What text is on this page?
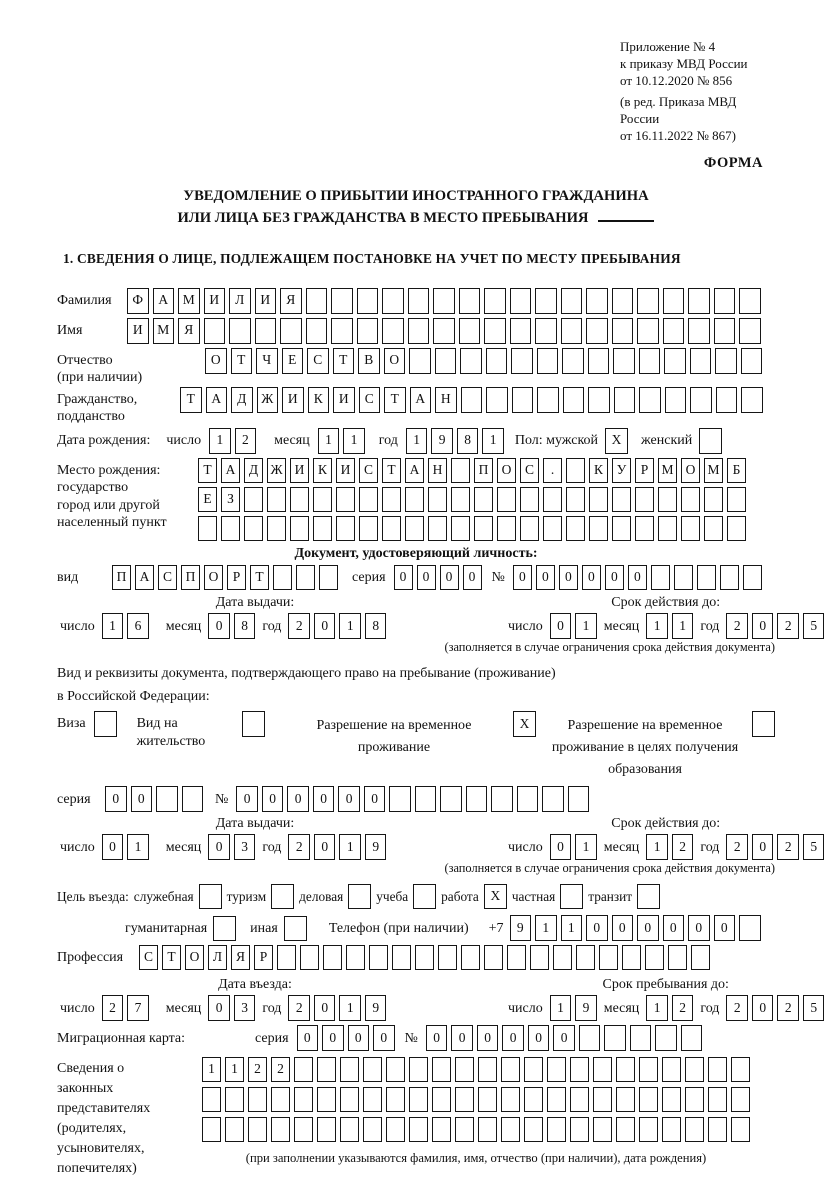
Приложение № 4
к приказу МВД России
от 10.12.2020 № 856
(в ред. Приказа МВД России
от 16.11.2022 № 867)
ФОРМА
УВЕДОМЛЕНИЕ О ПРИБЫТИИ ИНОСТРАННОГО ГРАЖДАНИНА
ИЛИ ЛИЦА БЕЗ ГРАЖДАНСТВА В МЕСТО ПРЕБЫВАНИЯ
1. СВЕДЕНИЯ О ЛИЦЕ, ПОДЛЕЖАЩЕМ ПОСТАНОВКЕ НА УЧЕТ ПО МЕСТУ ПРЕБЫВАНИЯ
Фамилия	Ф	А	М	И	Л	И	Я
Имя	И	М	Я
Отчество
(при наличии)
О	Т	Ч	Е	С	Т	В	О
Гражданство,
подданство
Т	А	Д	Ж	И	К	И	С	Т	А	Н
Дата рождения: число	1	2	месяц	1	1	год	1	9	8	1	Пол: мужской	X	женский
Место рождения:
государство
город или другой
населенный пункт
Т	А	Д Ж И	К	И	С	Т	А Н	П О	С	.	К	У	Р М О М Б
Е	З
Документ, удостоверяющий личность:
вид	П А	С	П О	Р	Т	серия	0	0	0	0	№	0	0	0	0	0	0
Дата выдачи:
число	1	6	месяц	0	8	год	2	0	1	8
Срок действия до:
число	0	1	месяц	1	1	год	2	0	2	5
(заполняется в случае ограничения срока действия документа)
Вид и реквизиты документа, подтверждающего право на пребывание (проживание)
в Российской Федерации:
Виза	Вид на жительство
Разрешение на временное проживание
X	Разрешение на временное проживание в целях получения образования
серия	0	0	№	0	0	0	0	0	0
Дата выдачи:
число	0	1	месяц	0	3	год	2	0	1	9
Срок действия до:
число	0	1	месяц	1	2	год	2	0	2	5
(заполняется в случае ограничения срока действия документа)
Цель въезда: служебная туризм деловая учеба работа X частная транзит
гуманитарная	иная	Телефон (при наличии) +7 9	1	1	0	0	0	0	0	0
Профессия	С	Т	О	Л	Я	Р
Дата въезда:
число	2	7	месяц	0	3	год	2	0	1	9
Срок пребывания до:
число	1	9	месяц	1	2	год	2	0	2	5
Миграционная карта:	серия	0	0	0	0	№	0	0	0	0	0	0
Сведения о
законных
представителях
(родителях,
усыновителях,
попечителях)
1	1	2	2
(при заполнении указываются фамилия, имя, отчество (при наличии), дата рождения)
